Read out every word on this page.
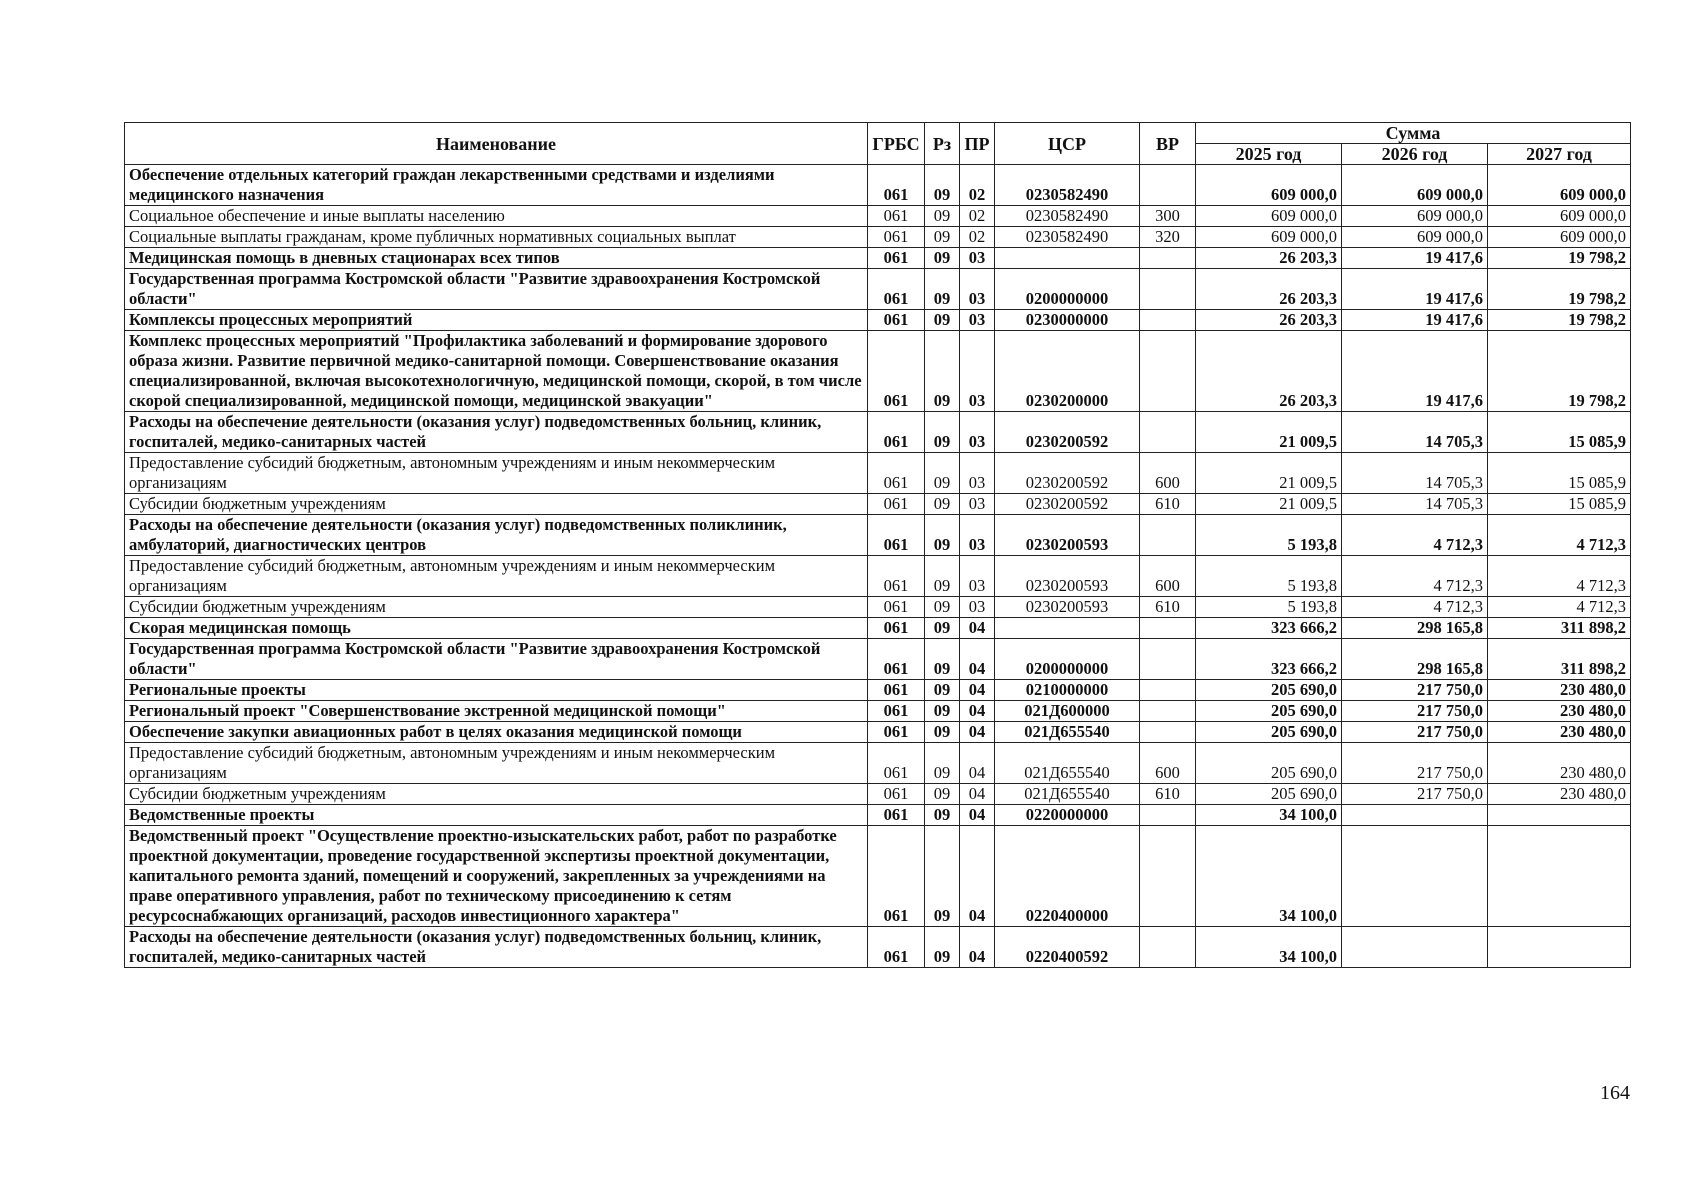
Наименование	ГРБС	Рз	ПР	ЦСР	ВР	Сумма		
						2025 год	2026 год	2027 год
Обеспечение отдельных категорий граждан лекарственными средствами и изделиями медицинского назначения	061	09	02	0230582490		609 000,0	609 000,0	609 000,0
Социальное обеспечение и иные выплаты населению	061	09	02	0230582490	300	609 000,0	609 000,0	609 000,0
Социальные выплаты гражданам, кроме публичных нормативных социальных выплат	061	09	02	0230582490	320	609 000,0	609 000,0	609 000,0
Медицинская помощь в дневных стационарах всех типов	061	09	03			26 203,3	19 417,6	19 798,2
Государственная программа Костромской области "Развитие здравоохранения Костромской области"	061	09	03	0200000000		26 203,3	19 417,6	19 798,2
Комплексы процессных мероприятий	061	09	03	0230000000		26 203,3	19 417,6	19 798,2
Комплекс процессных мероприятий "Профилактика заболеваний и формирование здорового образа жизни. Развитие первичной медико-санитарной помощи. Совершенствование оказания специализированной, включая высокотехнологичную, медицинской помощи, скорой, в том числе скорой специализированной, медицинской помощи, медицинской эвакуации"	061	09	03	0230200000		26 203,3	19 417,6	19 798,2
Расходы на обеспечение деятельности (оказания услуг) подведомственных больниц, клиник, госпиталей, медико-санитарных частей	061	09	03	0230200592		21 009,5	14 705,3	15 085,9
Предоставление субсидий бюджетным, автономным учреждениям и иным некоммерческим организациям	061	09	03	0230200592	600	21 009,5	14 705,3	15 085,9
Субсидии бюджетным учреждениям	061	09	03	0230200592	610	21 009,5	14 705,3	15 085,9
Расходы на обеспечение деятельности (оказания услуг) подведомственных поликлиник, амбулаторий, диагностических центров	061	09	03	0230200593		5 193,8	4 712,3	4 712,3
Предоставление субсидий бюджетным, автономным учреждениям и иным некоммерческим организациям	061	09	03	0230200593	600	5 193,8	4 712,3	4 712,3
Субсидии бюджетным учреждениям	061	09	03	0230200593	610	5 193,8	4 712,3	4 712,3
Скорая медицинская помощь	061	09	04			323 666,2	298 165,8	311 898,2
Государственная программа Костромской области "Развитие здравоохранения Костромской области"	061	09	04	0200000000		323 666,2	298 165,8	311 898,2
Региональные проекты	061	09	04	0210000000		205 690,0	217 750,0	230 480,0
Региональный проект "Совершенствование экстренной медицинской помощи"	061	09	04	021Д600000		205 690,0	217 750,0	230 480,0
Обеспечение закупки авиационных работ в целях оказания медицинской помощи	061	09	04	021Д655540		205 690,0	217 750,0	230 480,0
Предоставление субсидий бюджетным, автономным учреждениям и иным некоммерческим организациям	061	09	04	021Д655540	600	205 690,0	217 750,0	230 480,0
Субсидии бюджетным учреждениям	061	09	04	021Д655540	610	205 690,0	217 750,0	230 480,0
Ведомственные проекты	061	09	04	0220000000		34 100,0		
Ведомственный проект "Осуществление проектно-изыскательских работ, работ по разработке проектной документации, проведение государственной экспертизы проектной документации, капитального ремонта зданий, помещений и сооружений, закрепленных за учреждениями на праве оперативного управления, работ по техническому присоединению к сетям ресурсоснабжающих организаций, расходов инвестиционного характера"	061	09	04	0220400000		34 100,0		
Расходы на обеспечение деятельности (оказания услуг) подведомственных больниц, клиник, госпиталей, медико-санитарных частей	061	09	04	0220400592		34 100,0		
164
